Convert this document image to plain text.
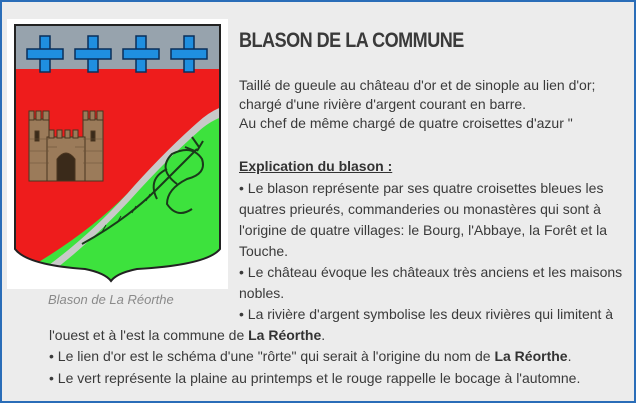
Blason de La Réorthe
BLASON DE LA COMMUNE
Taillé de gueule au château d'or et de sinople au lien d'or;
chargé d'une rivière d'argent courant en barre.
Au chef de même chargé de quatre croisettes d'azur "
Explication du blason :
• Le blason représente par ses quatre croisettes bleues les
quatres prieurés, commanderies ou monastères qui sont à
l'origine de quatre villages: le Bourg, l'Abbaye, la Forêt et la
Touche.
• Le château évoque les châteaux très anciens et les maisons
nobles.
• La rivière d'argent symbolise les deux rivières qui limitent à
l'ouest et à l'est la commune de La Réorthe.
• Le lien d'or est le schéma d'une "rôrte" qui serait à l'origine du nom de La Réorthe.
• Le vert représente la plaine au printemps et le rouge rappelle le bocage à l'automne.
